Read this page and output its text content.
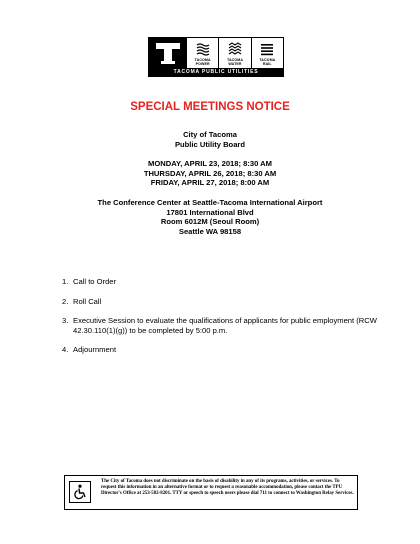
TACOMA
POWER
TACOMA
WATER
TACOMA
RAIL
TACOMA PUBLIC UTILITIES
SPECIAL MEETINGS NOTICE
City of Tacoma
Public Utility Board
MONDAY, APRIL 23, 2018; 8:30 AM
THURSDAY, APRIL 26, 2018; 8:30 AM
FRIDAY, APRIL 27, 2018; 8:00 AM
The Conference Center at Seattle-Tacoma International Airport
17801 International Blvd
Room 6012M (Seoul Room)
Seattle WA 98158
1. Call to Order
2. Roll Call
3. Executive Session to evaluate the qualifications of applicants for public employment (RCW 42.30.110(1)(g)) to be completed by 5:00 p.m.
4. Adjournment
The City of Tacoma does not discriminate on the basis of disability in any of its programs, activities, or services. To request this information in an alternative format or to request a reasonable accommodation, please contact the TPU Director's Office at 253-502-8201. TTY or speech to speech users please dial 711 to connect to Washington Relay Services.
